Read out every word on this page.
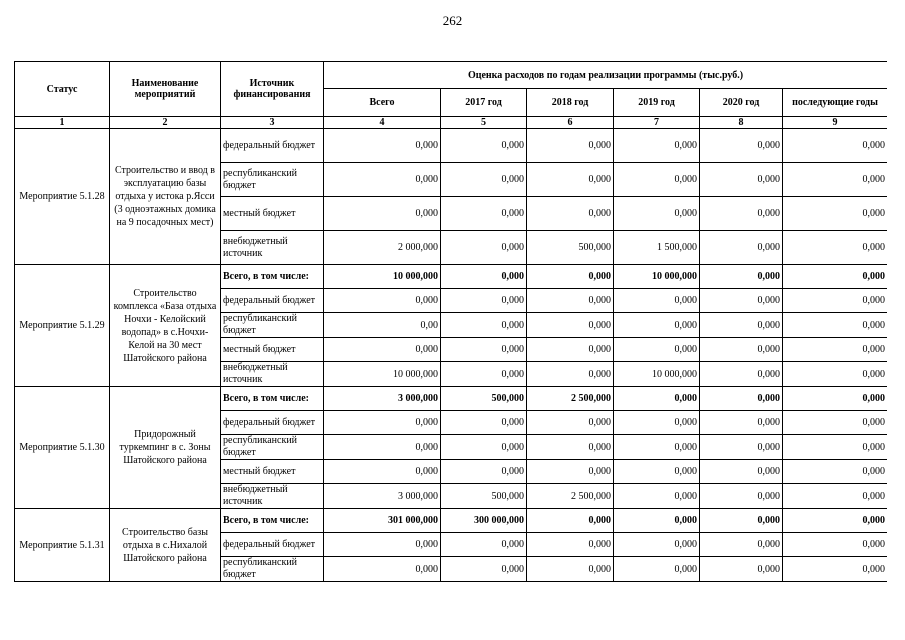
262
Статус	Наименование мероприятий	Источник финансирования	Оценка расходов по годам реализации программы (тыс.руб.)					
			Всего	2017 год	2018 год	2019 год	2020 год	последующие годы
1	2	3	4	5	6	7	8	9
Мероприятие 5.1.28	Строительство и ввод в эксплуатацию базы отдыха у истока р.Ясси (3 одноэтажных домика на 9 посадочных мест)	федеральный бюджет	0,000	0,000	0,000	0,000	0,000	0,000
		республиканский бюджет	0,000	0,000	0,000	0,000	0,000	0,000
		местный бюджет	0,000	0,000	0,000	0,000	0,000	0,000
		внебюджетный источник	2 000,000	0,000	500,000	1 500,000	0,000	0,000
Мероприятие 5.1.29	Строительство комплекса «База отдыха Ночхи - Келойский водопад» в с.Ночхи-Келой на 30 мест Шатойского района	Всего, в том числе:	10 000,000	0,000	0,000	10 000,000	0,000	0,000
		федеральный бюджет	0,000	0,000	0,000	0,000	0,000	0,000
		республиканский бюджет	0,00	0,000	0,000	0,000	0,000	0,000
		местный бюджет	0,000	0,000	0,000	0,000	0,000	0,000
		внебюджетный источник	10 000,000	0,000	0,000	10 000,000	0,000	0,000
Мероприятие 5.1.30	Придорожный туркемпинг в с. Зоны Шатойского района	Всего, в том числе:	3 000,000	500,000	2 500,000	0,000	0,000	0,000
		федеральный бюджет	0,000	0,000	0,000	0,000	0,000	0,000
		республиканский бюджет	0,000	0,000	0,000	0,000	0,000	0,000
		местный бюджет	0,000	0,000	0,000	0,000	0,000	0,000
		внебюджетный источник	3 000,000	500,000	2 500,000	0,000	0,000	0,000
Мероприятие 5.1.31	Строительство базы отдыха в с.Нихалой Шатойского района	Всего, в том числе:	301 000,000	300 000,000	0,000	0,000	0,000	0,000
		федеральный бюджет	0,000	0,000	0,000	0,000	0,000	0,000
		республиканский бюджет	0,000	0,000	0,000	0,000	0,000	0,000
